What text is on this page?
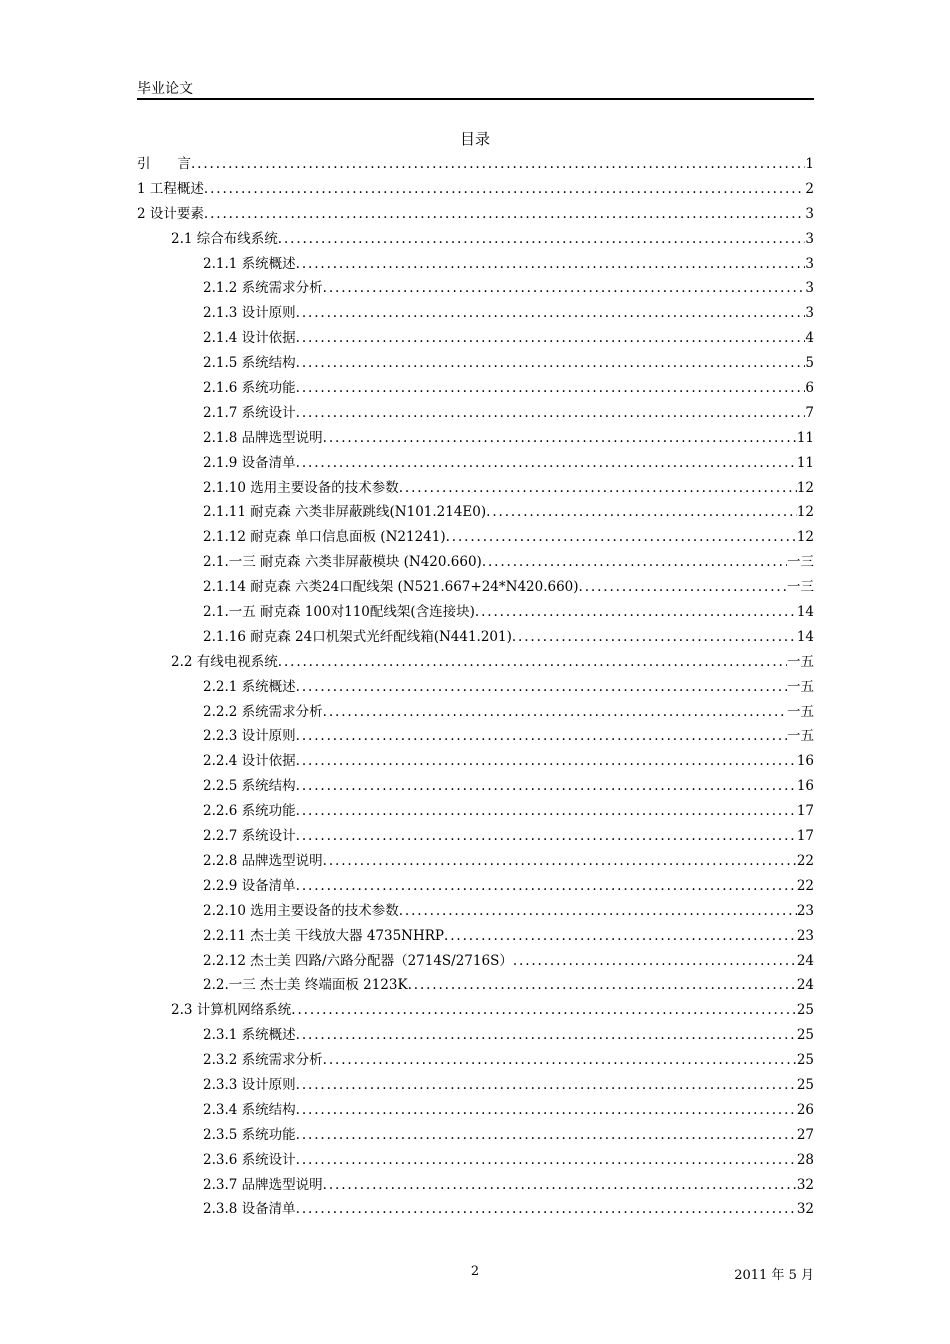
毕业论文
目录
引　　言 . . .	1
1 工程概述 . . .	2
2 设计要素 . . .	3
2.1 综合布线系统 . . .	3
2.1.1 系统概述 . . .	3
2.1.2 系统需求分析 . . .	3
2.1.3 设计原则 . . .	3
2.1.4 设计依据 . . .	4
2.1.5 系统结构 . . .	5
2.1.6 系统功能 . . .	6
2.1.7 系统设计 . . .	7
2.1.8 品牌选型说明 . . .	11
2.1.9 设备清单 . . .	11
2.1.10 选用主要设备的技术参数 . . .	12
2.1.11 耐克森 六类非屏蔽跳线(N101.214E0) . . .	12
2.1.12 耐克森 单口信息面板 (N21241) . . .	12
2.1.一三 耐克森 六类非屏蔽模块 (N420.660) . . .	一三
2.1.14 耐克森 六类24口配线架 (N521.667+24*N420.660) . . .	一三
2.1.一五 耐克森 100对110配线架(含连接块) . . .	14
2.1.16 耐克森 24口机架式光纤配线箱(N441.201) . . .	14
2.2 有线电视系统 . . .	一五
2.2.1 系统概述 . . .	一五
2.2.2 系统需求分析 . . .	一五
2.2.3 设计原则 . . .	一五
2.2.4 设计依据 . . .	16
2.2.5 系统结构 . . .	16
2.2.6 系统功能 . . .	17
2.2.7 系统设计 . . .	17
2.2.8 品牌选型说明 . . .	22
2.2.9 设备清单 . . .	22
2.2.10 选用主要设备的技术参数 . . .	23
2.2.11 杰士美 干线放大器 4735NHRP . . .	23
2.2.12 杰士美 四路/六路分配器（2714S/2716S） . . .	24
2.2.一三 杰士美 终端面板 2123K . . .	24
2.3 计算机网络系统 . . .	25
2.3.1 系统概述 . . .	25
2.3.2 系统需求分析 . . .	25
2.3.3 设计原则 . . .	25
2.3.4 系统结构 . . .	26
2.3.5 系统功能 . . .	27
2.3.6 系统设计 . . .	28
2.3.7 品牌选型说明 . . .	32
2.3.8 设备清单 . . .	32
2	2011 年 5 月
